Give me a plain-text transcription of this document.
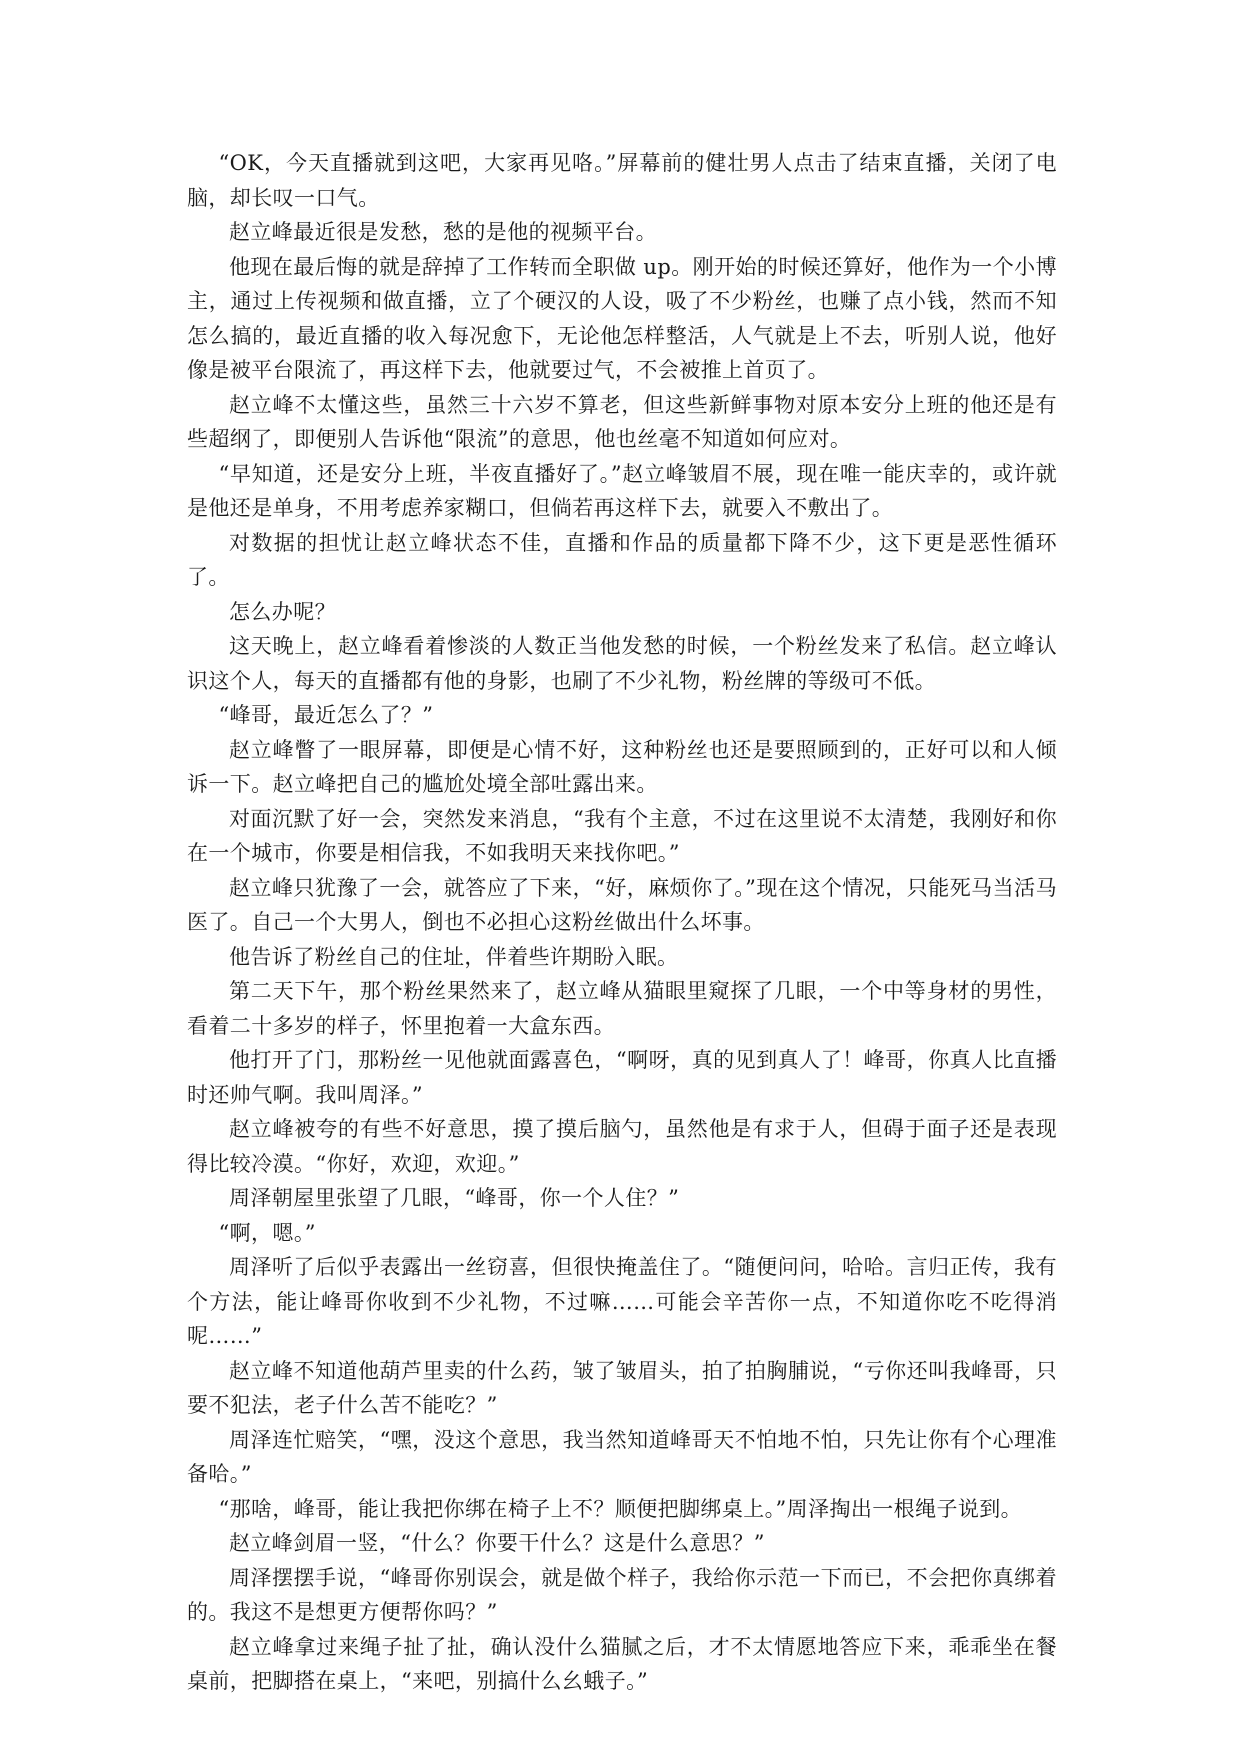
“OK，今天直播就到这吧，大家再见咯。”屏幕前的健壮男人点击了结束直播，关闭了电脑，却长叹一口气。

赵立峰最近很是发愁，愁的是他的视频平台。

他现在最后悔的就是辞掉了工作转而全职做 up。刚开始的时候还算好，他作为一个小博主，通过上传视频和做直播，立了个硬汉的人设，吸了不少粉丝，也赚了点小钱，然而不知怎么搞的，最近直播的收入每况愈下，无论他怎样整活，人气就是上不去，听别人说，他好像是被平台限流了，再这样下去，他就要过气，不会被推上首页了。

赵立峰不太懂这些，虽然三十六岁不算老，但这些新鲜事物对原本安分上班的他还是有些超纲了，即便别人告诉他“限流”的意思，他也丝毫不知道如何应对。

“早知道，还是安分上班，半夜直播好了。”赵立峰皱眉不展，现在唯一能庆幸的，或许就是他还是单身，不用考虑养家糊口，但倘若再这样下去，就要入不敷出了。

对数据的担忧让赵立峰状态不佳，直播和作品的质量都下降不少，这下更是恶性循环了。

怎么办呢？

这天晚上，赵立峰看着惨淡的人数正当他发愁的时候，一个粉丝发来了私信。赵立峰认识这个人，每天的直播都有他的身影，也刷了不少礼物，粉丝牌的等级可不低。

“峰哥，最近怎么了？”

赵立峰瞥了一眼屏幕，即便是心情不好，这种粉丝也还是要照顾到的，正好可以和人倾诉一下。赵立峰把自己的尴尬处境全部吐露出来。

对面沉默了好一会，突然发来消息，“我有个主意，不过在这里说不太清楚，我刚好和你在一个城市，你要是相信我，不如我明天来找你吧。”

赵立峰只犹豫了一会，就答应了下来，“好，麻烦你了。”现在这个情况，只能死马当活马医了。自己一个大男人，倒也不必担心这粉丝做出什么坏事。

他告诉了粉丝自己的住址，伴着些许期盼入眠。

第二天下午，那个粉丝果然来了，赵立峰从猫眼里窥探了几眼，一个中等身材的男性，看着二十多岁的样子，怀里抱着一大盒东西。

他打开了门，那粉丝一见他就面露喜色，“啊呀，真的见到真人了！峰哥，你真人比直播时还帅气啊。我叫周泽。”

赵立峰被夸的有些不好意思，摸了摸后脑勺，虽然他是有求于人，但碍于面子还是表现得比较冷漠。“你好，欢迎，欢迎。”

周泽朝屋里张望了几眼，“峰哥，你一个人住？”

“啊，嗯。”

周泽听了后似乎表露出一丝窃喜，但很快掩盖住了。“随便问问，哈哈。言归正传，我有个方法，能让峰哥你收到不少礼物，不过嘛……可能会辛苦你一点，不知道你吃不吃得消呢……”

赵立峰不知道他葫芦里卖的什么药，皱了皱眉头，拍了拍胸脯说，“亏你还叫我峰哥，只要不犯法，老子什么苦不能吃？”

周泽连忙赔笑，“嘿，没这个意思，我当然知道峰哥天不怕地不怕，只先让你有个心理准备哈。”

“那啥，峰哥，能让我把你绑在椅子上不？顺便把脚绑桌上。”周泽掏出一根绳子说到。

赵立峰剑眉一竖，“什么？你要干什么？这是什么意思？”

周泽摆摆手说，“峰哥你别误会，就是做个样子，我给你示范一下而已，不会把你真绑着的。我这不是想更方便帮你吗？”

赵立峰拿过来绳子扯了扯，确认没什么猫腻之后，才不太情愿地答应下来，乖乖坐在餐桌前，把脚搭在桌上，“来吧，别搞什么幺蛾子。”
